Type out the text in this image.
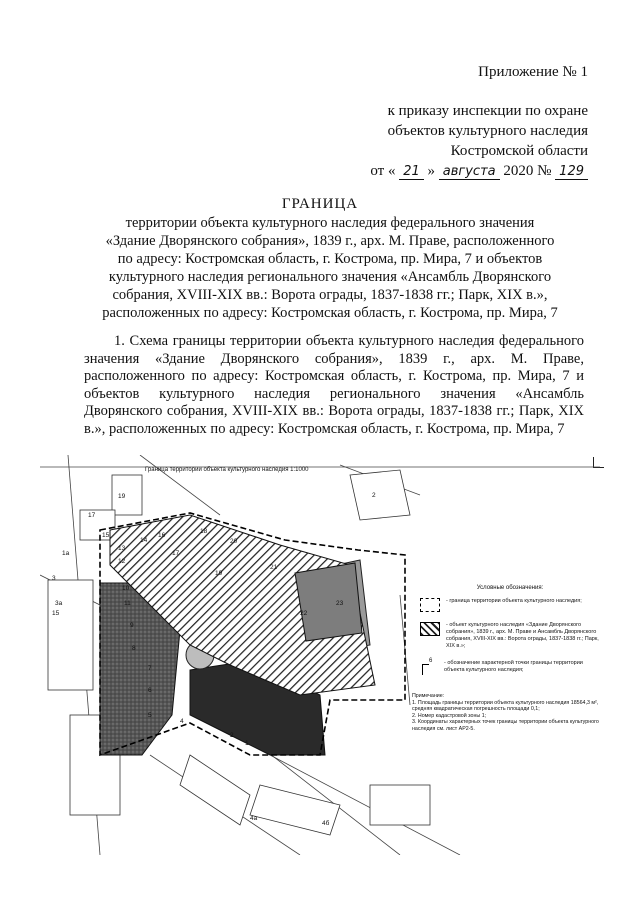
Приложение № 1
к приказу инспекции по охране
объектов культурного наследия
Костромской области
от « 21 » августа 2020 № 129
ГРАНИЦА
территории объекта культурного наследия федерального значения
«Здание Дворянского собрания», 1839 г., арх. М. Праве, расположенного
по адресу: Костромская область, г. Кострома, пр. Мира, 7 и объектов
культурного наследия регионального значения «Ансамбль Дворянского
собрания, XVIII-XIX вв.: Ворота ограды, 1837-1838 гг.; Парк, XIX в.»,
расположенных по адресу: Костромская область, г. Кострома, пр. Мира, 7
1. Схема границы территории объекта культурного наследия федерального значения «Здание Дворянского собрания», 1839 г., арх. М. Праве, расположенного по адресу: Костромская область, г. Кострома, пр. Мира, 7 и объектов культурного наследия регионального значения «Ансамбль Дворянского собрания, XVIII-XIX вв.: Ворота ограды, 1837-1838 гг.; Парк, XIX в.», расположенных по адресу: Костромская область, г. Кострома, пр. Мира, 7
19
17
15
13
12
14
16
17
18
20
21
19
22
23
3
10
11
9
8
7
6
5
4
2
1
15
3а
4а
4б
1а
2
Граница территории объекта культурного наследия 1:1000
Условные обозначения:
- граница территории объекта культурного наследия;
- объект культурного наследия «Здание Дворянского собрания», 1839 г., арх. М. Праве и Ансамбль Дворянского собрания, XVIII-XIX вв.: Ворота ограды, 1837-1838 гг.; Парк, XIX в.»;
6 - обозначение характерной точки границы территории объекта культурного наследия;
Примечание:
1. Площадь границы территории объекта культурного наследия 18564,3 м², средняя квадратическая погрешность площади 0,1;
2. Номер кадастровой зоны 1;
3. Координаты характерных точек границы территории объекта культурного наследия см. лист АР2-5.
